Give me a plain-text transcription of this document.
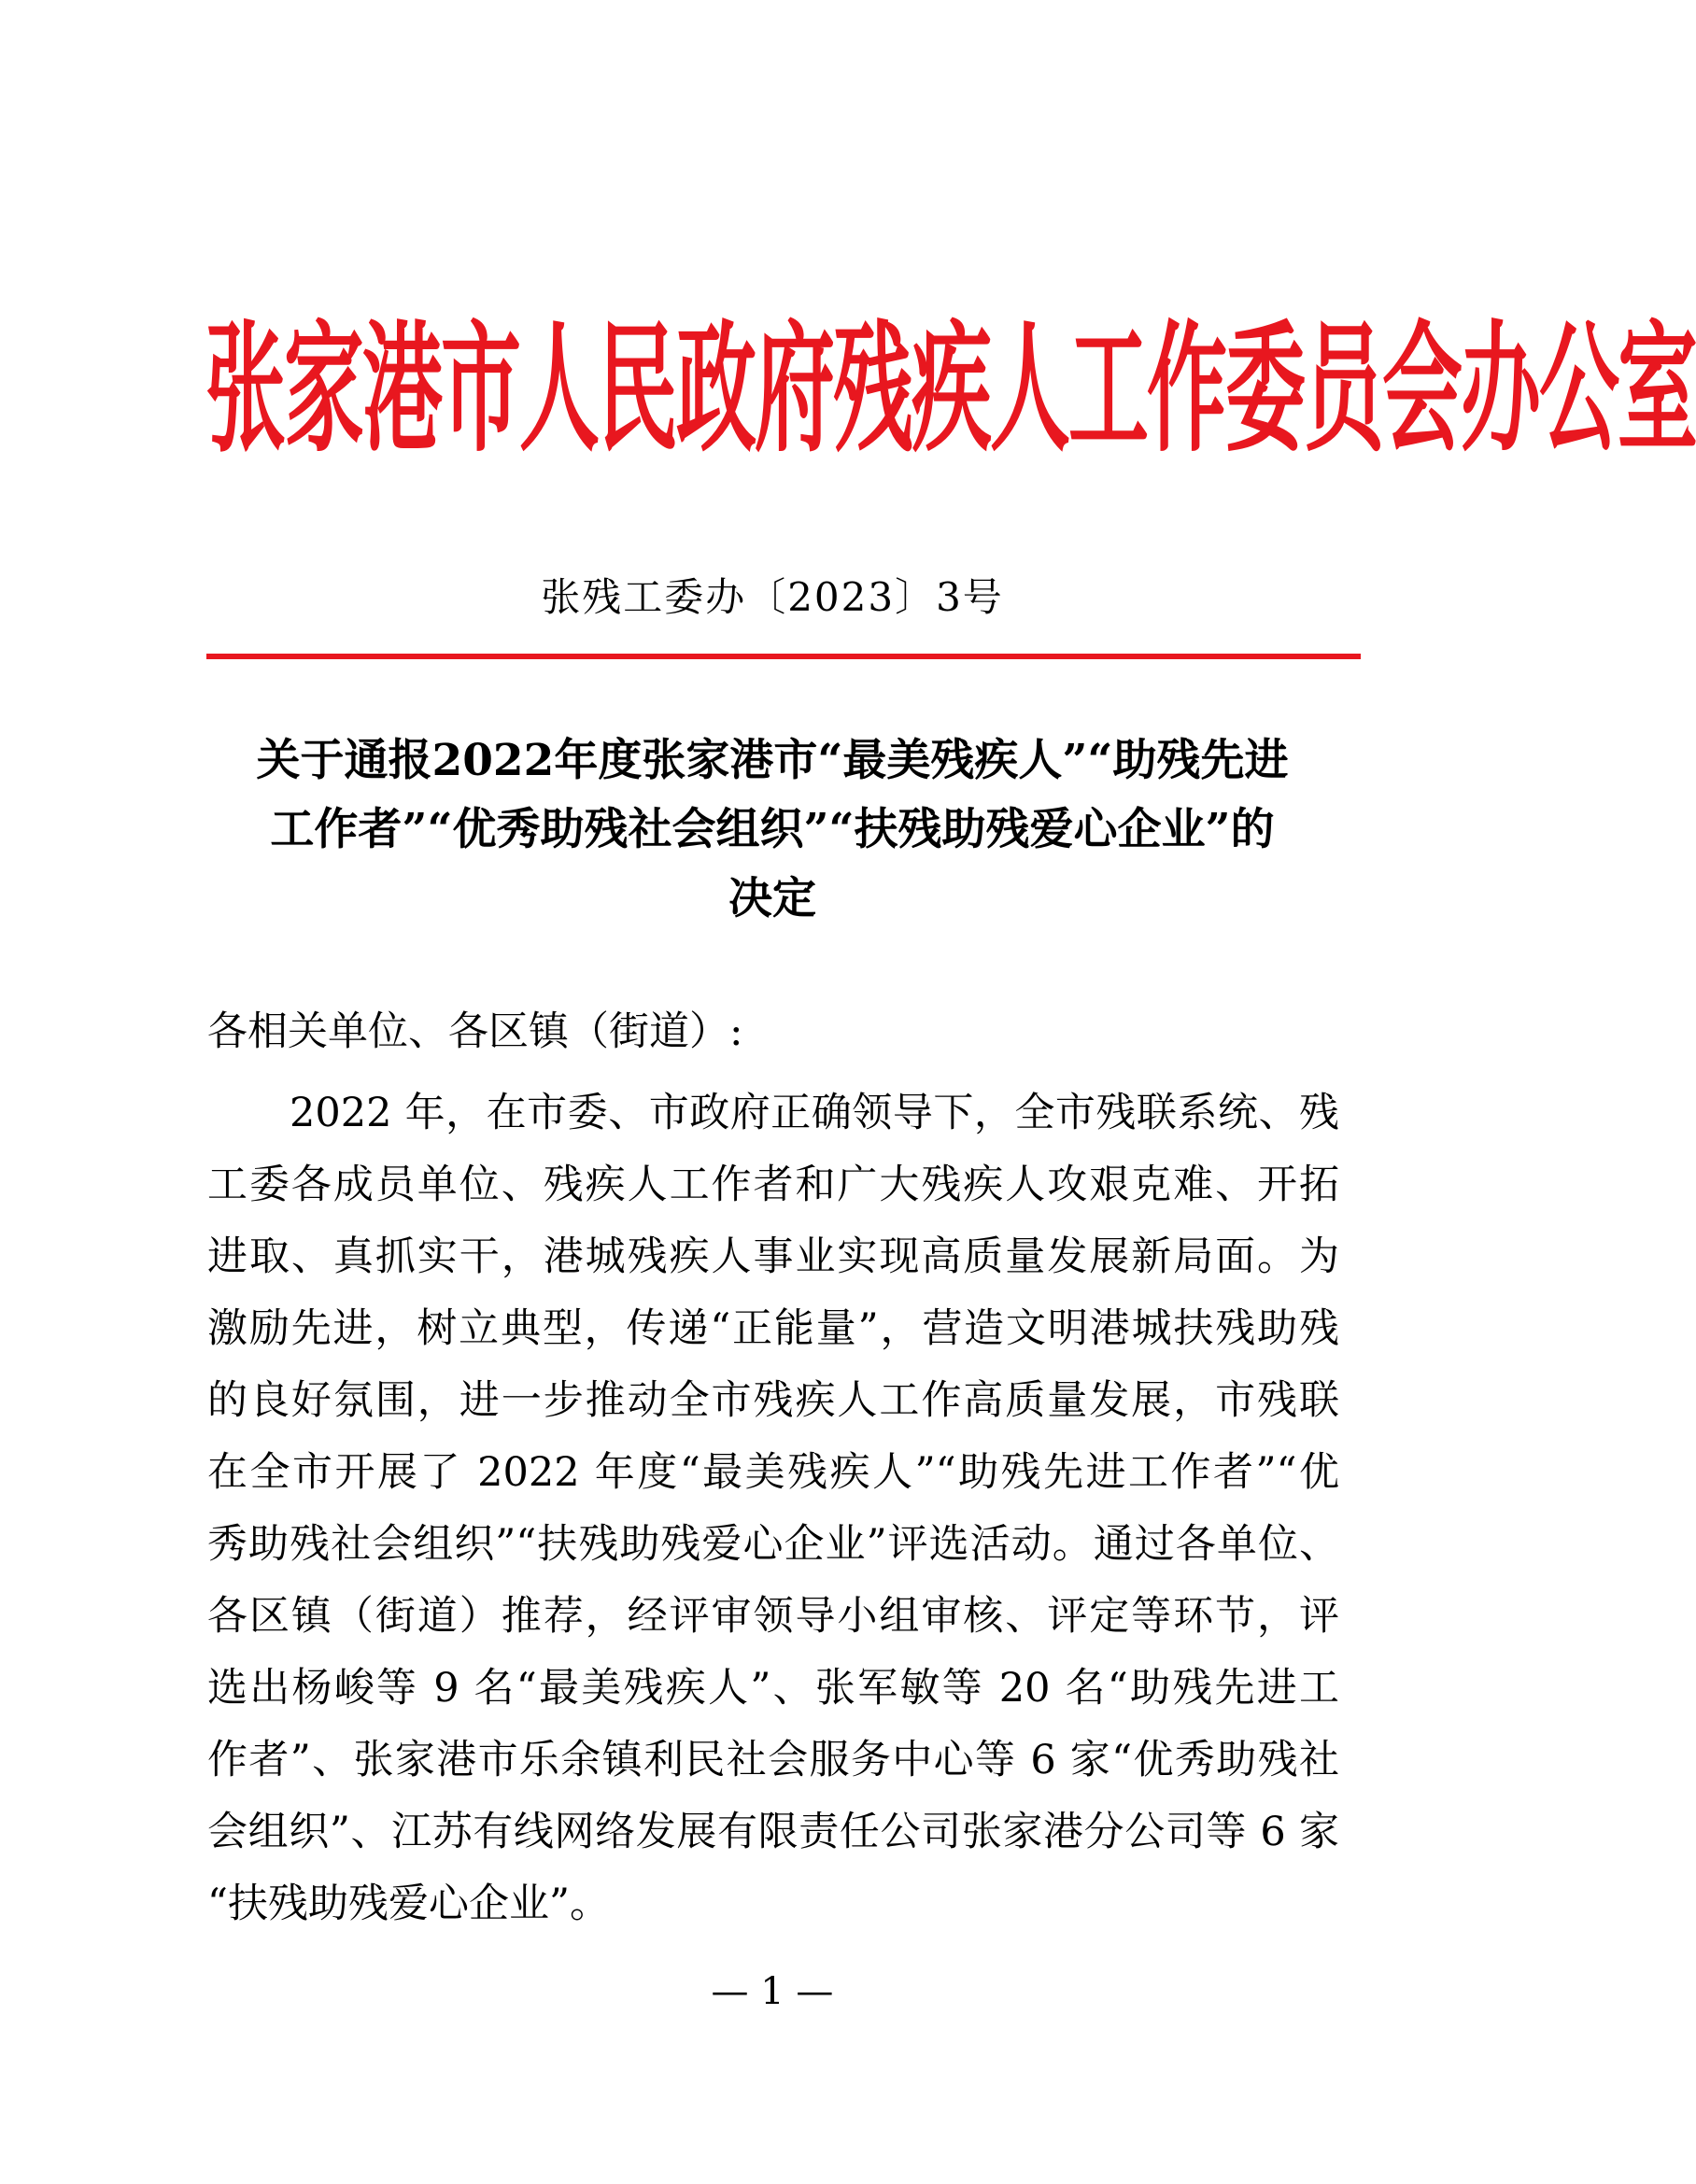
张家港市人民政府残疾人工作委员会办公室
张残工委办〔2023〕3号
关于通报2022年度张家港市“最美残疾人”“助残先进
工作者”“优秀助残社会组织”“扶残助残爱心企业”的
决定
各相关单位、各区镇（街道）:
2022 年，在市委、市政府正确领导下，全市残联系统、残
工委各成员单位、残疾人工作者和广大残疾人攻艰克难、开拓
进取、真抓实干，港城残疾人事业实现高质量发展新局面。为
激励先进，树立典型，传递“正能量”，营造文明港城扶残助残
的良好氛围，进一步推动全市残疾人工作高质量发展，市残联
在全市开展了 2022 年度“最美残疾人”“助残先进工作者”“优
秀助残社会组织”“扶残助残爱心企业”评选活动。通过各单位、
各区镇（街道）推荐，经评审领导小组审核、评定等环节，评
选出杨峻等 9 名“最美残疾人”、张军敏等 20 名“助残先进工
作者”、张家港市乐余镇利民社会服务中心等 6 家“优秀助残社
会组织”、江苏有线网络发展有限责任公司张家港分公司等 6 家
“扶残助残爱心企业”。
— 1 —
